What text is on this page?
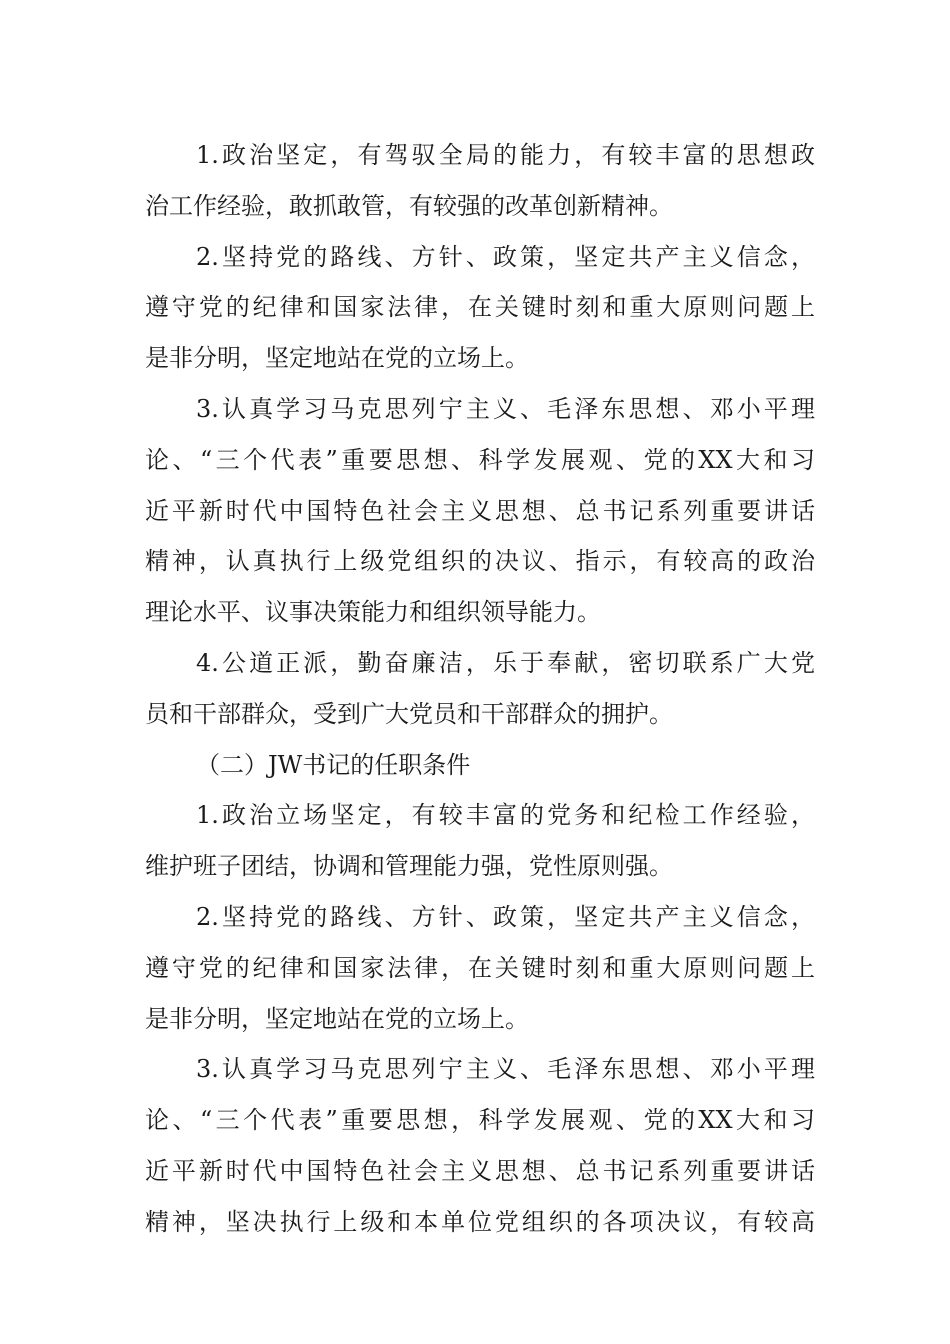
1.政治坚定，有驾驭全局的能力，有较丰富的思想政
治工作经验，敢抓敢管，有较强的改革创新精神。
2.坚持党的路线、方针、政策，坚定共产主义信念，
遵守党的纪律和国家法律，在关键时刻和重大原则问题上
是非分明，坚定地站在党的立场上。
3.认真学习马克思列宁主义、毛泽东思想、邓小平理
论、“三个代表”重要思想、科学发展观、党的XX大和习
近平新时代中国特色社会主义思想、总书记系列重要讲话
精神，认真执行上级党组织的决议、指示，有较高的政治
理论水平、议事决策能力和组织领导能力。
4.公道正派，勤奋廉洁，乐于奉献，密切联系广大党
员和干部群众，受到广大党员和干部群众的拥护。
（二）JW书记的任职条件
1.政治立场坚定，有较丰富的党务和纪检工作经验，
维护班子团结，协调和管理能力强，党性原则强。
2.坚持党的路线、方针、政策，坚定共产主义信念，
遵守党的纪律和国家法律，在关键时刻和重大原则问题上
是非分明，坚定地站在党的立场上。
3.认真学习马克思列宁主义、毛泽东思想、邓小平理
论、“三个代表”重要思想，科学发展观、党的XX大和习
近平新时代中国特色社会主义思想、总书记系列重要讲话
精神，坚决执行上级和本单位党组织的各项决议，有较高
